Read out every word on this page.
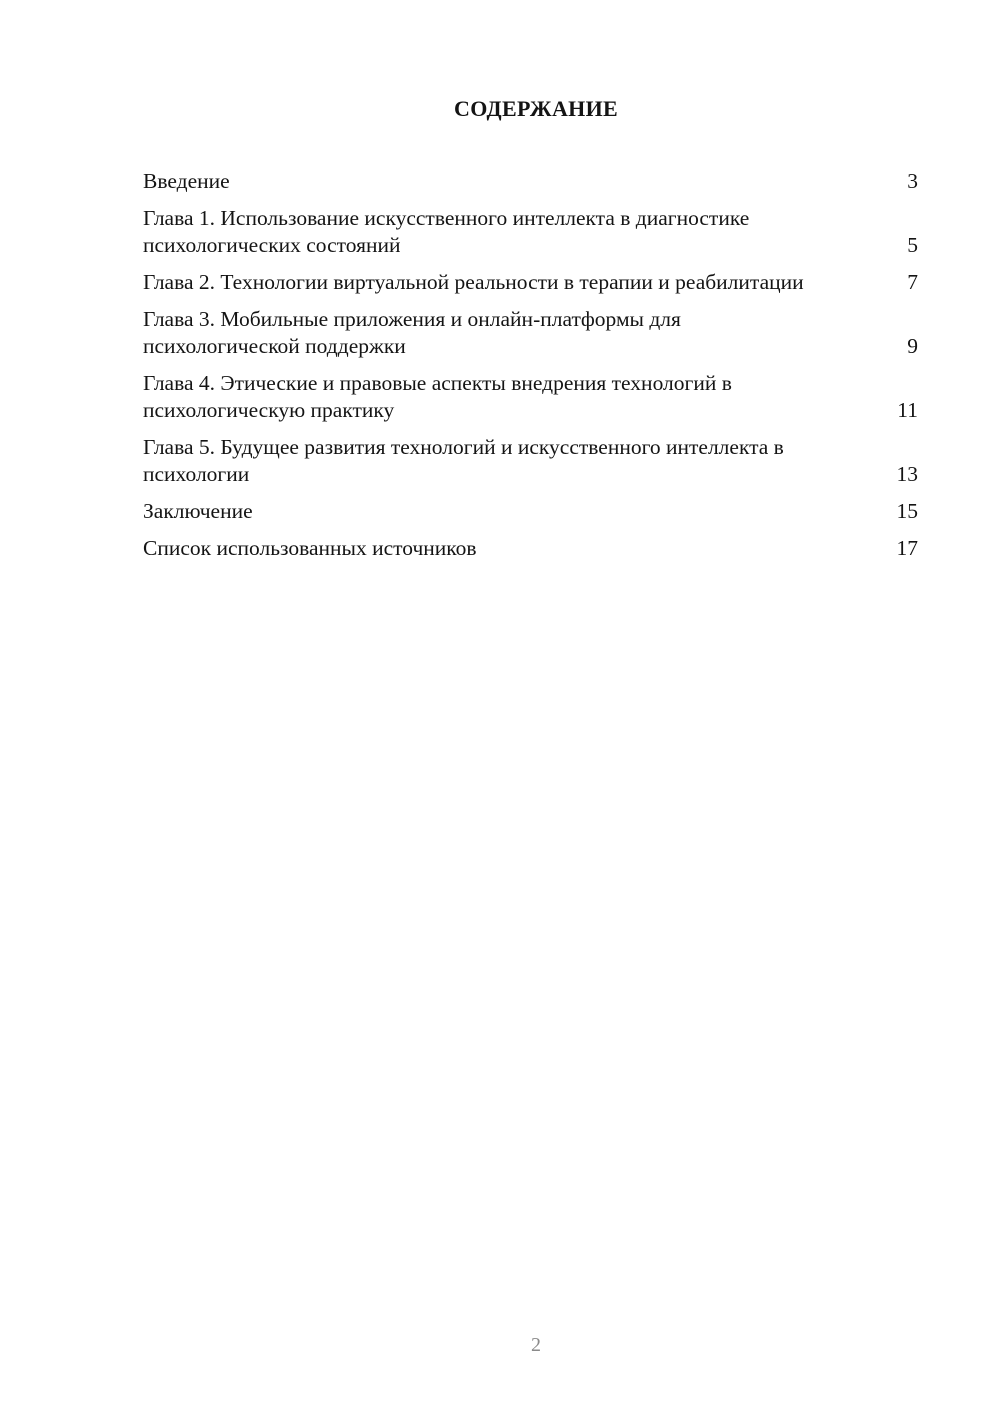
СОДЕРЖАНИЕ
Введение	3
Глава 1. Использование искусственного интеллекта в диагностике психологических состояний	5
Глава 2. Технологии виртуальной реальности в терапии и реабилитации	7
Глава 3. Мобильные приложения и онлайн-платформы для психологической поддержки	9
Глава 4. Этические и правовые аспекты внедрения технологий в психологическую практику	11
Глава 5. Будущее развития технологий и искусственного интеллекта в психологии	13
Заключение	15
Список использованных источников	17
2
